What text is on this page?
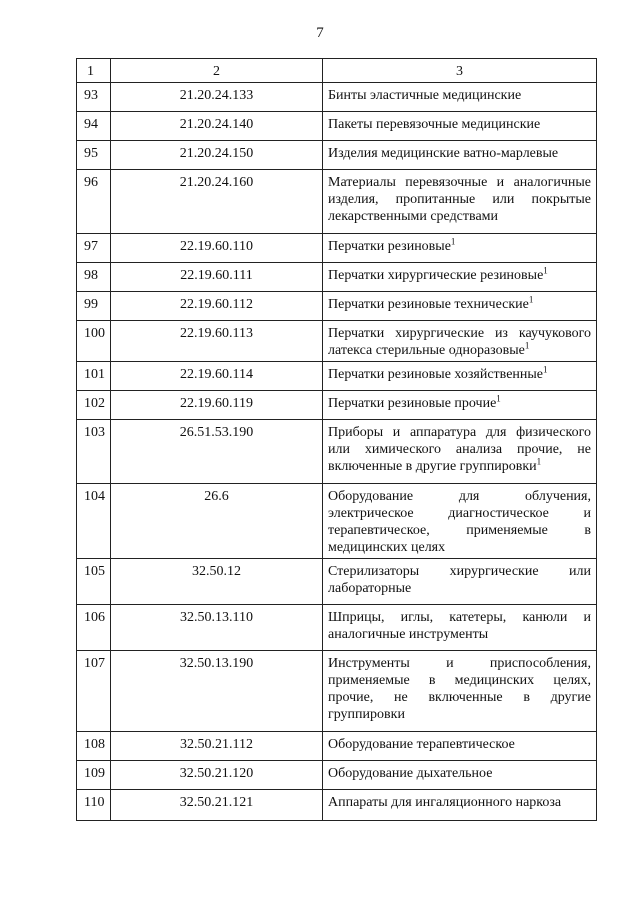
7
1	2	3
93	21.20.24.133	Бинты эластичные медицинские
94	21.20.24.140	Пакеты перевязочные медицинские
95	21.20.24.150	Изделия медицинские ватно-марлевые
96	21.20.24.160	Материалы перевязочные и аналогичные изделия, пропитанные или покрытые лекарственными средствами
97	22.19.60.110	Перчатки резиновые$^1$
98	22.19.60.111	Перчатки хирургические резиновые$^1$
99	22.19.60.112	Перчатки резиновые технические$^1$
100	22.19.60.113	Перчатки хирургические из каучукового латекса стерильные одноразовые$^1$
101	22.19.60.114	Перчатки резиновые хозяйственные$^1$
102	22.19.60.119	Перчатки резиновые прочие$^1$
103	26.51.53.190	Приборы и аппаратура для физического или химического анализа прочие, не включенные в другие группировки$^1$
104	26.6	Оборудование для облучения, электрическое диагностическое и терапевтическое, применяемые в медицинских целях
105	32.50.12	Стерилизаторы хирургические или лабораторные
106	32.50.13.110	Шприцы, иглы, катетеры, канюли и аналогичные инструменты
107	32.50.13.190	Инструменты и приспособления, применяемые в медицинских целях, прочие, не включенные в другие группировки
108	32.50.21.112	Оборудование терапевтическое
109	32.50.21.120	Оборудование дыхательное
110	32.50.21.121	Аппараты для ингаляционного наркоза
